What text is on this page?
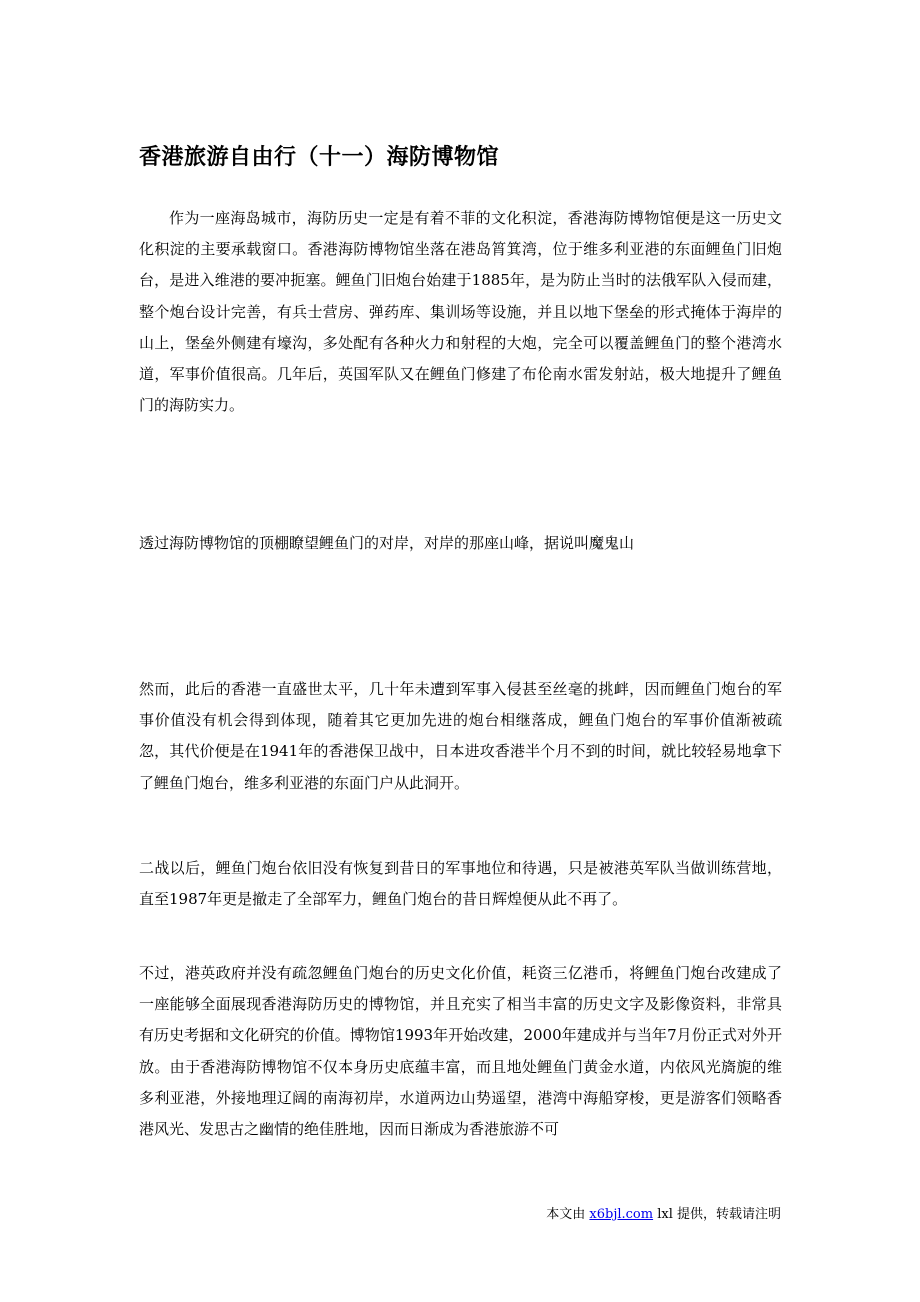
香港旅游自由行（十一）海防博物馆

作为一座海岛城市，海防历史一定是有着不菲的文化积淀，香港海防博物馆便是这一历史文化积淀的主要承载窗口。香港海防博物馆坐落在港岛筲箕湾，位于维多利亚港的东面鲤鱼门旧炮台，是进入维港的要冲扼塞。鲤鱼门旧炮台始建于1885年，是为防止当时的法俄军队入侵而建，整个炮台设计完善，有兵士营房、弹药库、集训场等设施，并且以地下堡垒的形式掩体于海岸的山上，堡垒外侧建有壕沟，多处配有各种火力和射程的大炮，完全可以覆盖鲤鱼门的整个港湾水道，军事价值很高。几年后，英国军队又在鲤鱼门修建了布伦南水雷发射站，极大地提升了鲤鱼门的海防实力。

透过海防博物馆的顶棚瞭望鲤鱼门的对岸，对岸的那座山峰，据说叫魔鬼山

然而，此后的香港一直盛世太平，几十年未遭到军事入侵甚至丝毫的挑衅，因而鲤鱼门炮台的军事价值没有机会得到体现，随着其它更加先进的炮台相继落成，鲤鱼门炮台的军事价值渐被疏忽，其代价便是在1941年的香港保卫战中，日本进攻香港半个月不到的时间，就比较轻易地拿下了鲤鱼门炮台，维多利亚港的东面门户从此洞开。

二战以后，鲤鱼门炮台依旧没有恢复到昔日的军事地位和待遇，只是被港英军队当做训练营地，直至1987年更是撤走了全部军力，鲤鱼门炮台的昔日辉煌便从此不再了。

不过，港英政府并没有疏忽鲤鱼门炮台的历史文化价值，耗资三亿港币，将鲤鱼门炮台改建成了一座能够全面展现香港海防历史的博物馆，并且充实了相当丰富的历史文字及影像资料，非常具有历史考据和文化研究的价值。博物馆1993年开始改建，2000年建成并与当年7月份正式对外开放。由于香港海防博物馆不仅本身历史底蕴丰富，而且地处鲤鱼门黄金水道，内依风光旖旎的维多利亚港，外接地理辽阔的南海初岸，水道两边山势遥望，港湾中海船穿梭，更是游客们领略香港风光、发思古之幽情的绝佳胜地，因而日渐成为香港旅游不可

本文由 x6bjl.com lxl 提供，转载请注明
